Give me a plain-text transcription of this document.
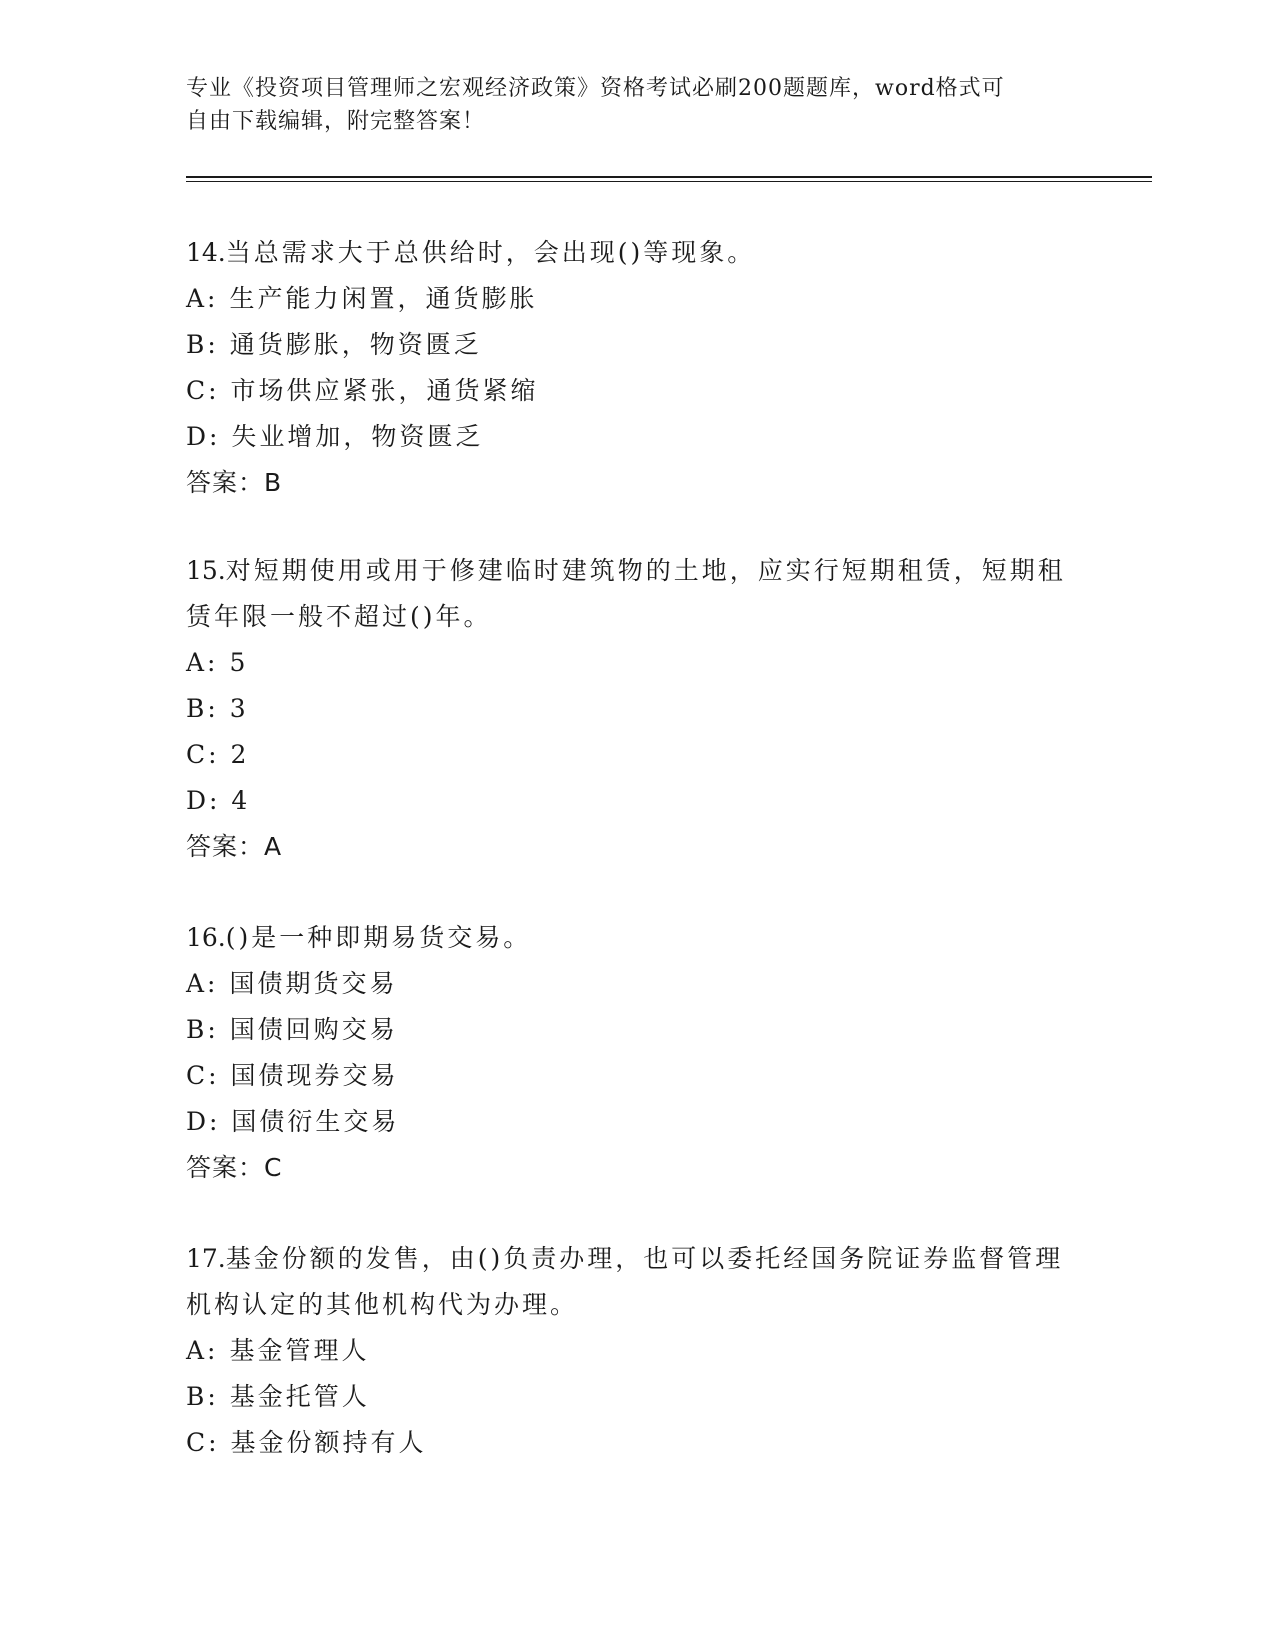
专业《投资项目管理师之宏观经济政策》资格考试必刷200题题库，word格式可
自由下载编辑，附完整答案！
14.当总需求大于总供给时，会出现()等现象。
A: 生产能力闲置，通货膨胀
B: 通货膨胀，物资匮乏
C: 市场供应紧张，通货紧缩
D: 失业增加，物资匮乏
答案：B
15.对短期使用或用于修建临时建筑物的土地，应实行短期租赁，短期租赁年限一般不超过()年。
A: 5
B: 3
C: 2
D: 4
答案：A
16.()是一种即期易货交易。
A: 国债期货交易
B: 国债回购交易
C: 国债现券交易
D: 国债衍生交易
答案：C
17.基金份额的发售，由()负责办理，也可以委托经国务院证券监督管理机构认定的其他机构代为办理。
A: 基金管理人
B: 基金托管人
C: 基金份额持有人
